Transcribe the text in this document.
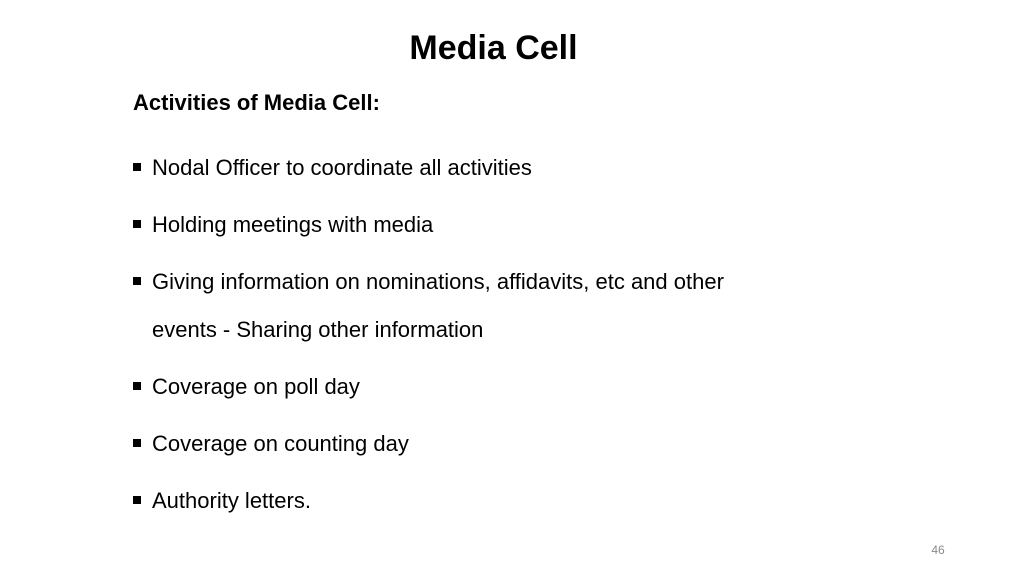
Media Cell
Activities of Media Cell:
Nodal Officer to coordinate all activities
Holding meetings with media
Giving information on nominations, affidavits, etc and other events - Sharing other information
Coverage on poll day
Coverage on counting day
Authority letters.
46
